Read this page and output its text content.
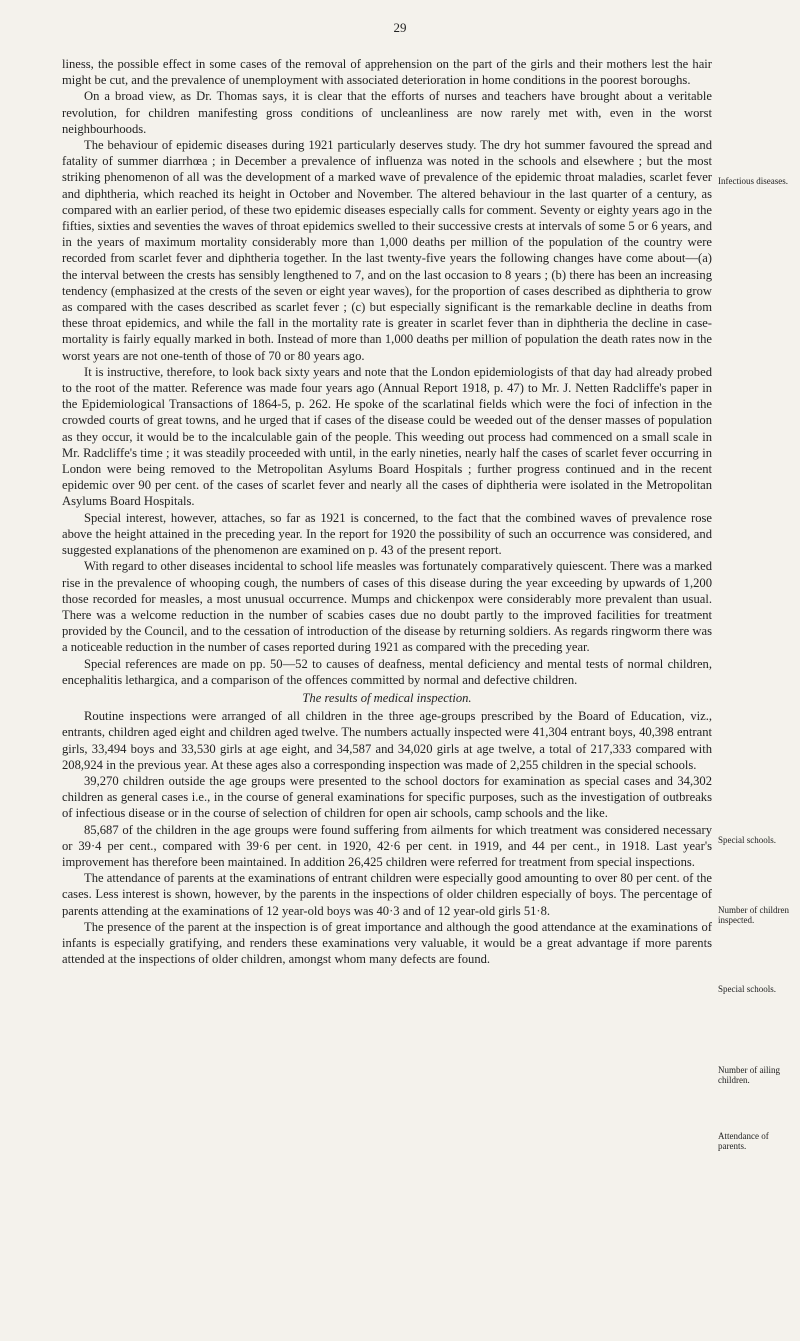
29

liness, the possible effect in some cases of the removal of apprehension on the part of the girls and their mothers lest the hair might be cut, and the prevalence of unemployment with associated deterioration in home conditions in the poorest boroughs.

On a broad view, as Dr. Thomas says, it is clear that the efforts of nurses and teachers have brought about a veritable revolution, for children manifesting gross conditions of uncleanliness are now rarely met with, even in the worst neighbourhoods.

The behaviour of epidemic diseases during 1921 particularly deserves study. The dry hot summer favoured the spread and fatality of summer diarrhœa ; in December a prevalence of influenza was noted in the schools and elsewhere ; but the most striking phenomenon of all was the development of a marked wave of prevalence of the epidemic throat maladies, scarlet fever and diphtheria, which reached its height in October and November. The altered behaviour in the last quarter of a century, as compared with an earlier period, of these two epidemic diseases especially calls for comment. Seventy or eighty years ago in the fifties, sixties and seventies the waves of throat epidemics swelled to their successive crests at intervals of some 5 or 6 years, and in the years of maximum mortality considerably more than 1,000 deaths per million of the population of the country were recorded from scarlet fever and diphtheria together. In the last twenty-five years the following changes have come about—(a) the interval between the crests has sensibly lengthened to 7, and on the last occasion to 8 years ; (b) there has been an increasing tendency (emphasized at the crests of the seven or eight year waves), for the proportion of cases described as diphtheria to grow as compared with the cases described as scarlet fever ; (c) but especially significant is the remarkable decline in deaths from these throat epidemics, and while the fall in the mortality rate is greater in scarlet fever than in diphtheria the decline in case-mortality is fairly equally marked in both. Instead of more than 1,000 deaths per million of population the death rates now in the worst years are not one-tenth of those of 70 or 80 years ago.

It is instructive, therefore, to look back sixty years and note that the London epidemiologists of that day had already probed to the root of the matter. Reference was made four years ago (Annual Report 1918, p. 47) to Mr. J. Netten Radcliffe's paper in the Epidemiological Transactions of 1864-5, p. 262. He spoke of the scarlatinal fields which were the foci of infection in the crowded courts of great towns, and he urged that if cases of the disease could be weeded out of the denser masses of population as they occur, it would be to the incalculable gain of the people. This weeding out process had commenced on a small scale in Mr. Radcliffe's time ; it was steadily proceeded with until, in the early nineties, nearly half the cases of scarlet fever occurring in London were being removed to the Metropolitan Asylums Board Hospitals ; further progress continued and in the recent epidemic over 90 per cent. of the cases of scarlet fever and nearly all the cases of diphtheria were isolated in the Metropolitan Asylums Board Hospitals.

Special interest, however, attaches, so far as 1921 is concerned, to the fact that the combined waves of prevalence rose above the height attained in the preceding year. In the report for 1920 the possibility of such an occurrence was considered, and suggested explanations of the phenomenon are examined on p. 43 of the present report.

With regard to other diseases incidental to school life measles was fortunately comparatively quiescent. There was a marked rise in the prevalence of whooping cough, the numbers of cases of this disease during the year exceeding by upwards of 1,200 those recorded for measles, a most unusual occurrence. Mumps and chickenpox were considerably more prevalent than usual. There was a welcome reduction in the number of scabies cases due no doubt partly to the improved facilities for treatment provided by the Council, and to the cessation of introduction of the disease by returning soldiers. As regards ringworm there was a noticeable reduction in the number of cases reported during 1921 as compared with the preceding year.

Special references are made on pp. 50—52 to causes of deafness, mental deficiency and mental tests of normal children, encephalitis lethargica, and a comparison of the offences committed by normal and defective children.

The results of medical inspection.

Routine inspections were arranged of all children in the three age-groups prescribed by the Board of Education, viz., entrants, children aged eight and children aged twelve. The numbers actually inspected were 41,304 entrant boys, 40,398 entrant girls, 33,494 boys and 33,530 girls at age eight, and 34,587 and 34,020 girls at age twelve, a total of 217,333 compared with 208,924 in the previous year. At these ages also a corresponding inspection was made of 2,255 children in the special schools.

39,270 children outside the age groups were presented to the school doctors for examination as special cases and 34,302 children as general cases i.e., in the course of general examinations for specific purposes, such as the investigation of outbreaks of infectious disease or in the course of selection of children for open air schools, camp schools and the like.

85,687 of the children in the age groups were found suffering from ailments for which treatment was considered necessary or 39·4 per cent., compared with 39·6 per cent. in 1920, 42·6 per cent. in 1919, and 44 per cent., in 1918. Last year's improvement has therefore been maintained. In addition 26,425 children were referred for treatment from special inspections.

The attendance of parents at the examinations of entrant children were especially good amounting to over 80 per cent. of the cases. Less interest is shown, however, by the parents in the inspections of older children especially of boys. The percentage of parents attending at the examinations of 12 year-old boys was 40·3 and of 12 year-old girls 51·8.

The presence of the parent at the inspection is of great importance and although the good attendance at the examinations of infants is especially gratifying, and renders these examinations very valuable, it would be a great advantage if more parents attended at the inspections of older children, amongst whom many defects are found.

Infectious diseases.
Special schools.
Number of children inspected.
Special schools.
Number of ailing children.
Attendance of parents.
